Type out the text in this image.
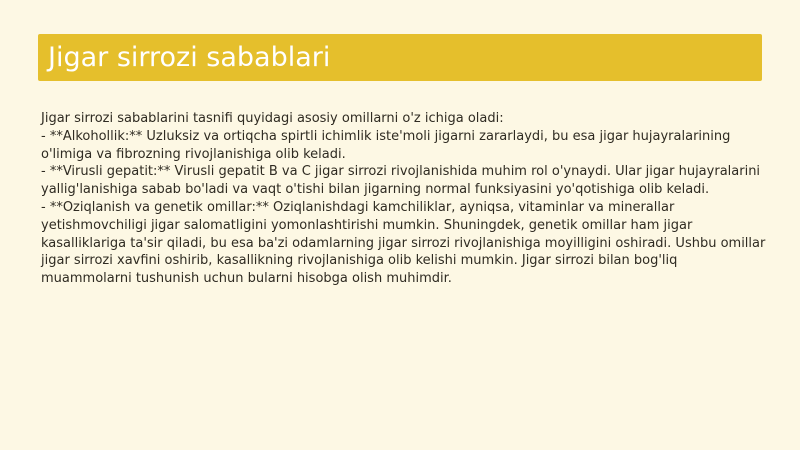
Jigar sirrozi sabablari

Jigar sirrozi sabablarini tasnifi quyidagi asosiy omillarni o'z ichiga oladi:

- **Alkohollik:** Uzluksiz va ortiqcha spirtli ichimlik iste'moli jigarni zararlaydi, bu esa jigar hujayralarining o'limiga va fibrozning rivojlanishiga olib keladi.

- **Virusli gepatit:** Virusli gepatit B va C jigar sirrozi rivojlanishida muhim rol o'ynaydi. Ular jigar hujayralarini yallig'lanishiga sabab bo'ladi va vaqt o'tishi bilan jigarning normal funksiyasini yo'qotishiga olib keladi.

- **Oziqlanish va genetik omillar:** Oziqlanishdagi kamchiliklar, ayniqsa, vitaminlar va minerallar yetishmovchiligi jigar salomatligini yomonlashtirishi mumkin. Shuningdek, genetik omillar ham jigar kasalliklariga ta'sir qiladi, bu esa ba'zi odamlarning jigar sirrozi rivojlanishiga moyilligini oshiradi. Ushbu omillar jigar sirrozi xavfini oshirib, kasallikning rivojlanishiga olib kelishi mumkin. Jigar sirrozi bilan bog'liq muammolarni tushunish uchun bularni hisobga olish muhimdir.
